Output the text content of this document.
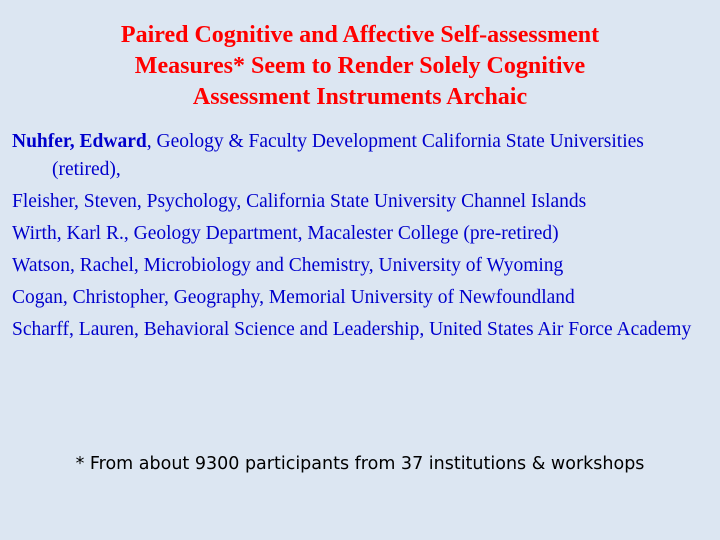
Paired Cognitive and Affective Self-assessment
Measures* Seem to Render Solely Cognitive
Assessment Instruments Archaic
Nuhfer, Edward, Geology & Faculty Development California State Universities (retired),
Fleisher, Steven, Psychology, California State University Channel Islands
Wirth, Karl R., Geology Department, Macalester College (pre-retired)
Watson, Rachel, Microbiology and Chemistry, University of Wyoming
Cogan, Christopher, Geography, Memorial University of Newfoundland
Scharff, Lauren, Behavioral Science and Leadership, United States Air Force Academy
* From about 9300 participants from 37 institutions & workshops
